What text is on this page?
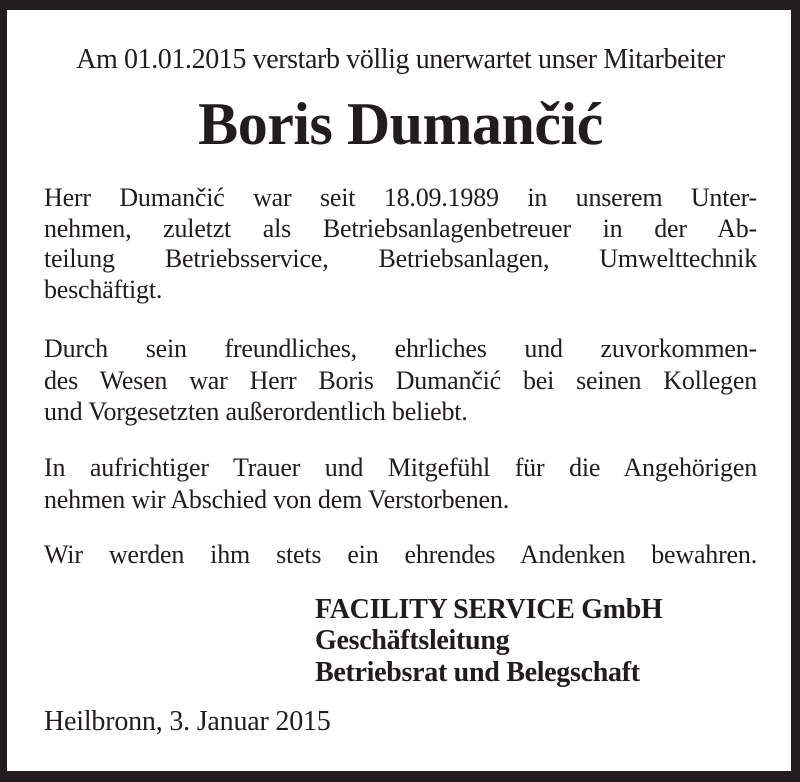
Am 01.01.2015 verstarb völlig unerwartet unser Mitarbeiter
Boris Dumančić
Herr Dumančić war seit 18.09.1989 in unserem Unter-
nehmen, zuletzt als Betriebsanlagenbetreuer in der Ab-
teilung Betriebsservice, Betriebsanlagen, Umwelttechnik
beschäftigt.
Durch sein freundliches, ehrliches und zuvorkommen-
des Wesen war Herr Boris Dumančić bei seinen Kollegen
und Vorgesetzten außerordentlich beliebt.
In aufrichtiger Trauer und Mitgefühl für die Angehörigen
nehmen wir Abschied von dem Verstorbenen.
Wir werden ihm stets ein ehrendes Andenken bewahren.
FACILITY SERVICE GmbH
Geschäftsleitung
Betriebsrat und Belegschaft
Heilbronn, 3. Januar 2015
